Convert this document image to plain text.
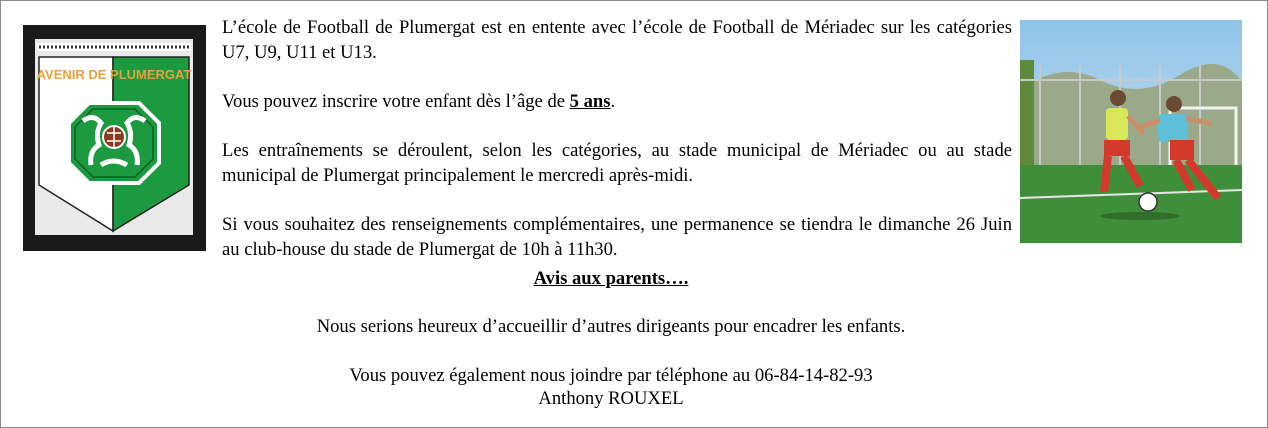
AVENIR DE PLUMERGAT

L’école de Football de Plumergat est en entente avec l’école de Football de Mériadec sur les catégories U7, U9, U11 et U13.

Vous pouvez inscrire votre enfant dès l’âge de 5 ans.

Les entraînements se déroulent, selon les catégories, au stade municipal de Mériadec ou au stade municipal de Plumergat principalement le mercredi après-midi.

Si vous souhaitez des renseignements complémentaires, une permanence se tiendra le dimanche 26 Juin au club-house du stade de Plumergat de 10h à 11h30.

Avis aux parents….
Nous serions heureux d’accueillir d’autres dirigeants pour encadrer les enfants.
Vous pouvez également nous joindre par téléphone au 06-84-14-82-93
Anthony ROUXEL
